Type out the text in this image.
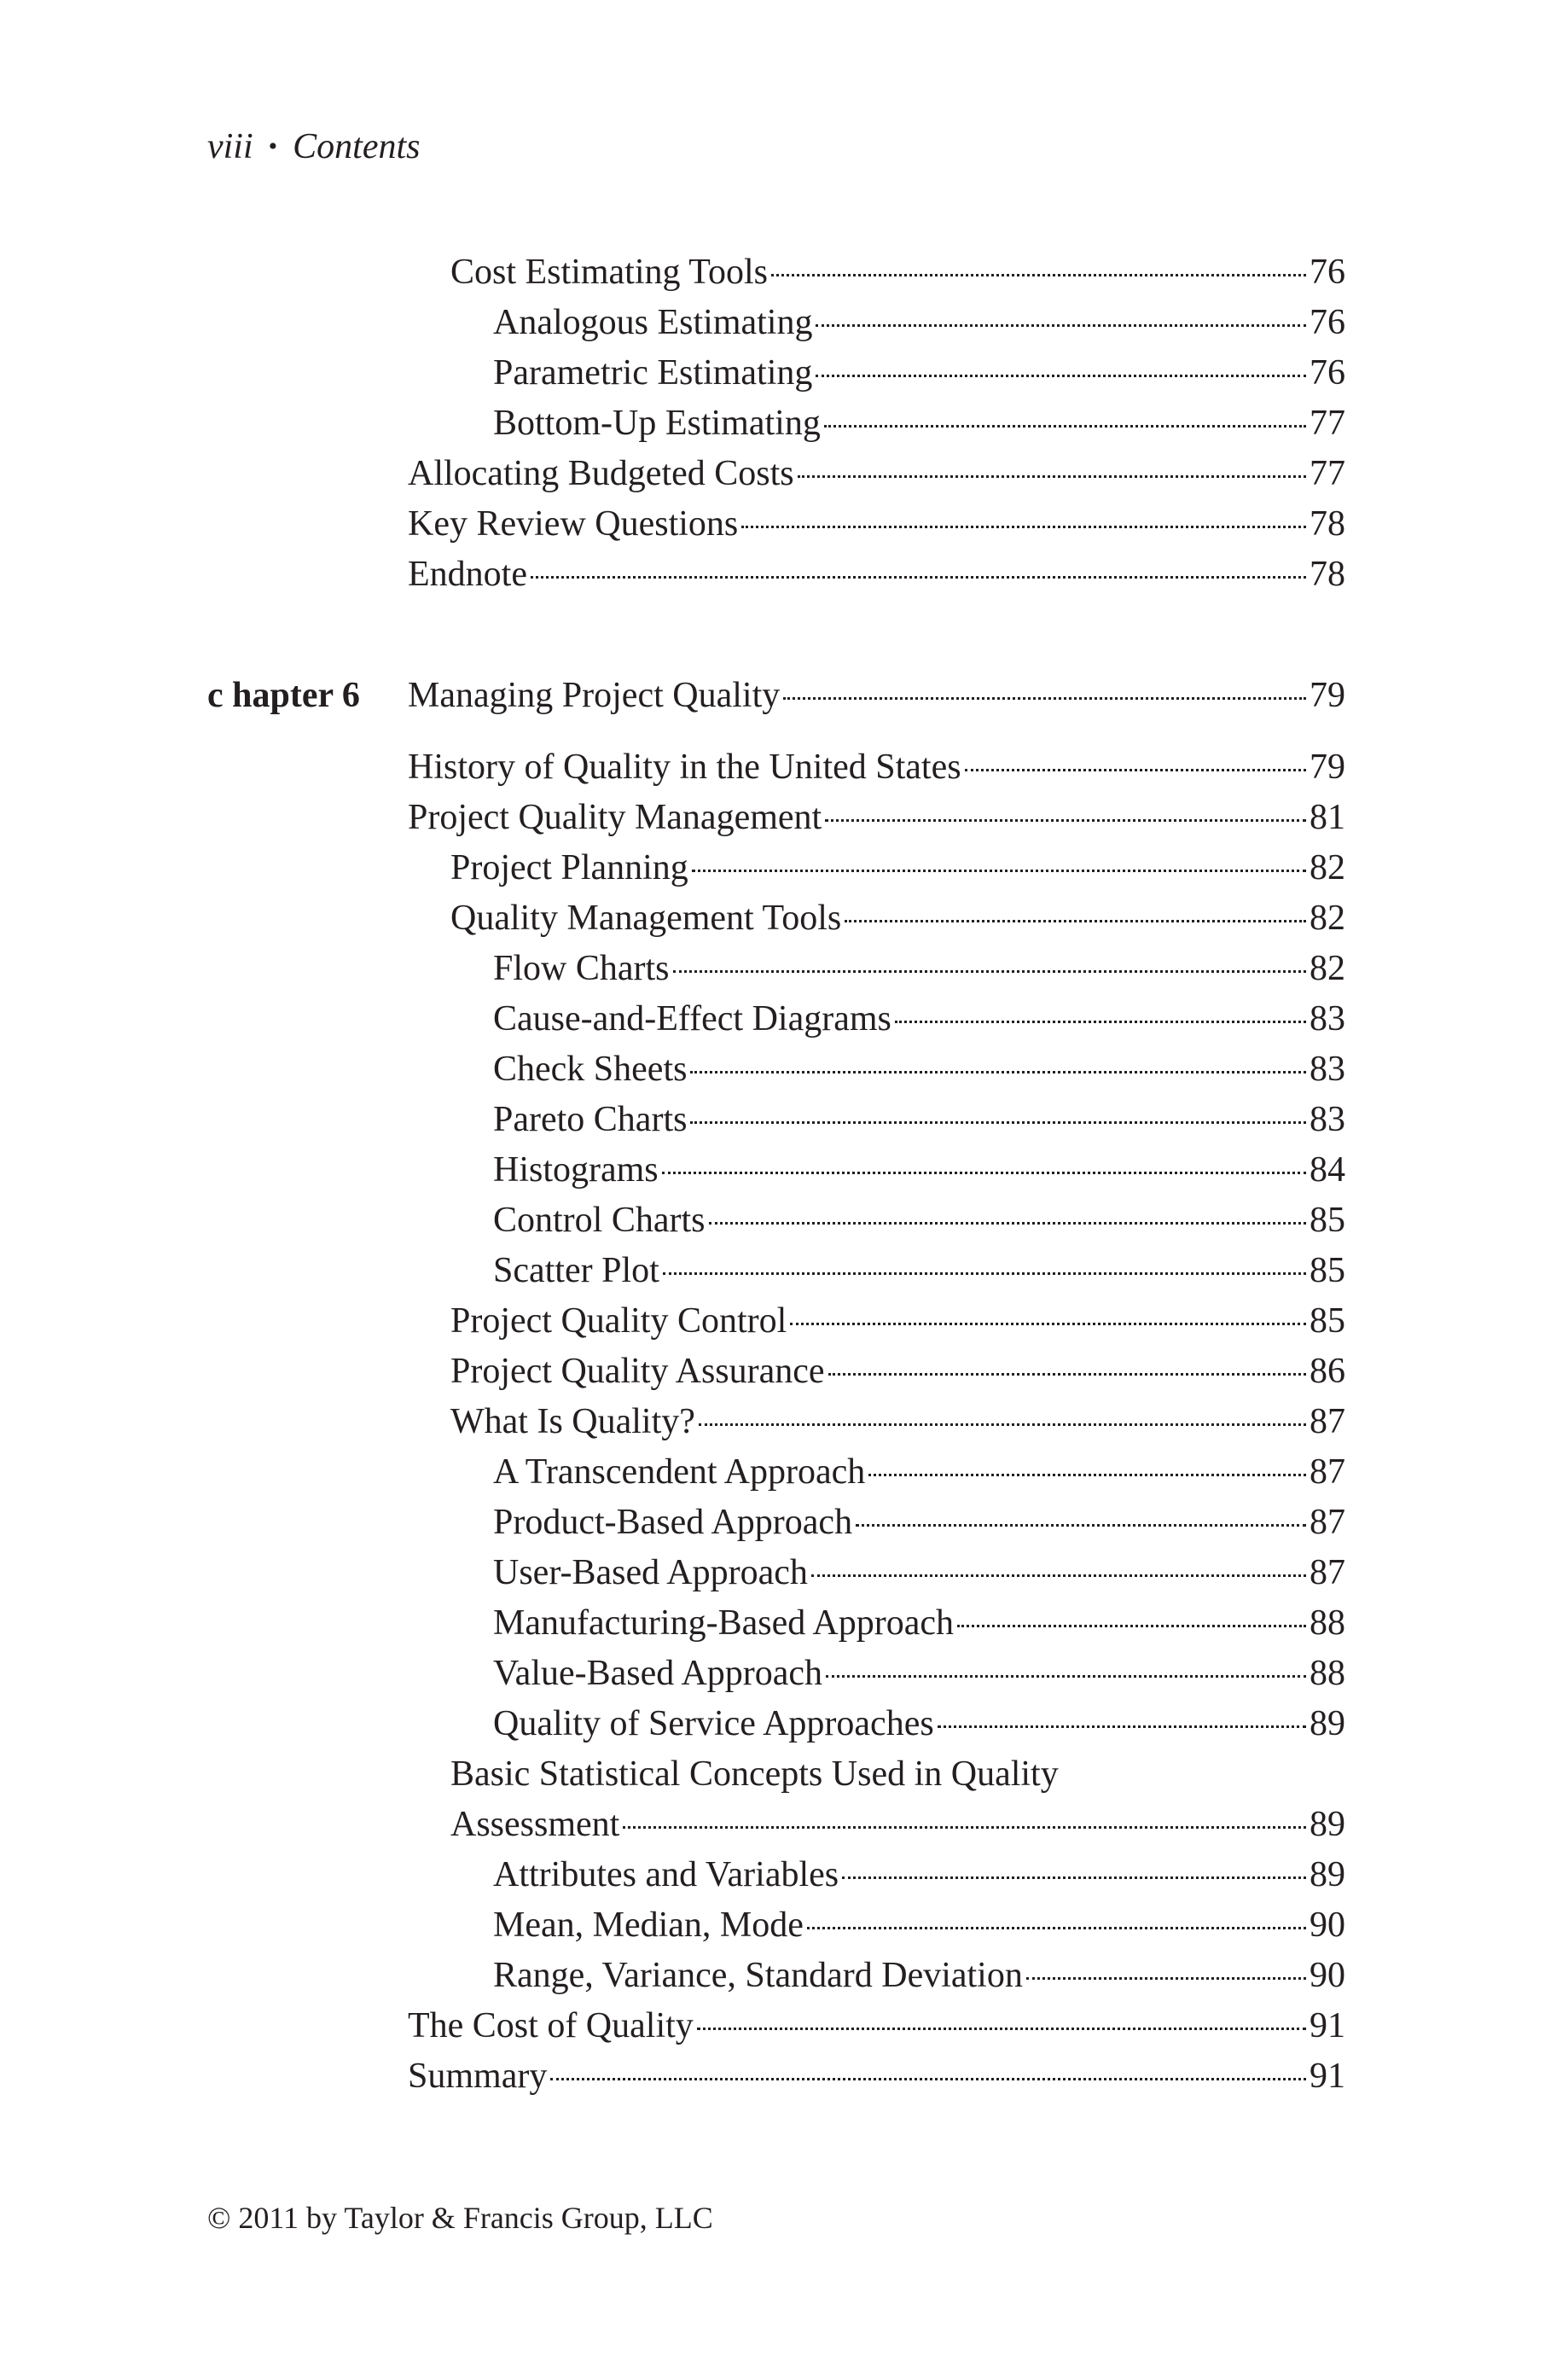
viii • Contents
Cost Estimating Tools	76
Analogous Estimating	76
Parametric Estimating	76
Bottom-Up Estimating	77
Allocating Budgeted Costs	77
Key Review Questions	78
Endnote	78
c hapter 6 Managing Project Quality	79
History of Quality in the United States	79
Project Quality Management	81
Project Planning	82
Quality Management Tools	82
Flow Charts	82
Cause-and-Effect Diagrams	83
Check Sheets	83
Pareto Charts	83
Histograms	84
Control Charts	85
Scatter Plot	85
Project Quality Control	85
Project Quality Assurance	86
What Is Quality?	87
A Transcendent Approach	87
Product-Based Approach	87
User-Based Approach	87
Manufacturing-Based Approach	88
Value-Based Approach	88
Quality of Service Approaches	89
Basic Statistical Concepts Used in Quality
Assessment	89
Attributes and Variables	89
Mean, Median, Mode	90
Range, Variance, Standard Deviation	90
The Cost of Quality	91
Summary	91
© 2011 by Taylor & Francis Group, LLC
